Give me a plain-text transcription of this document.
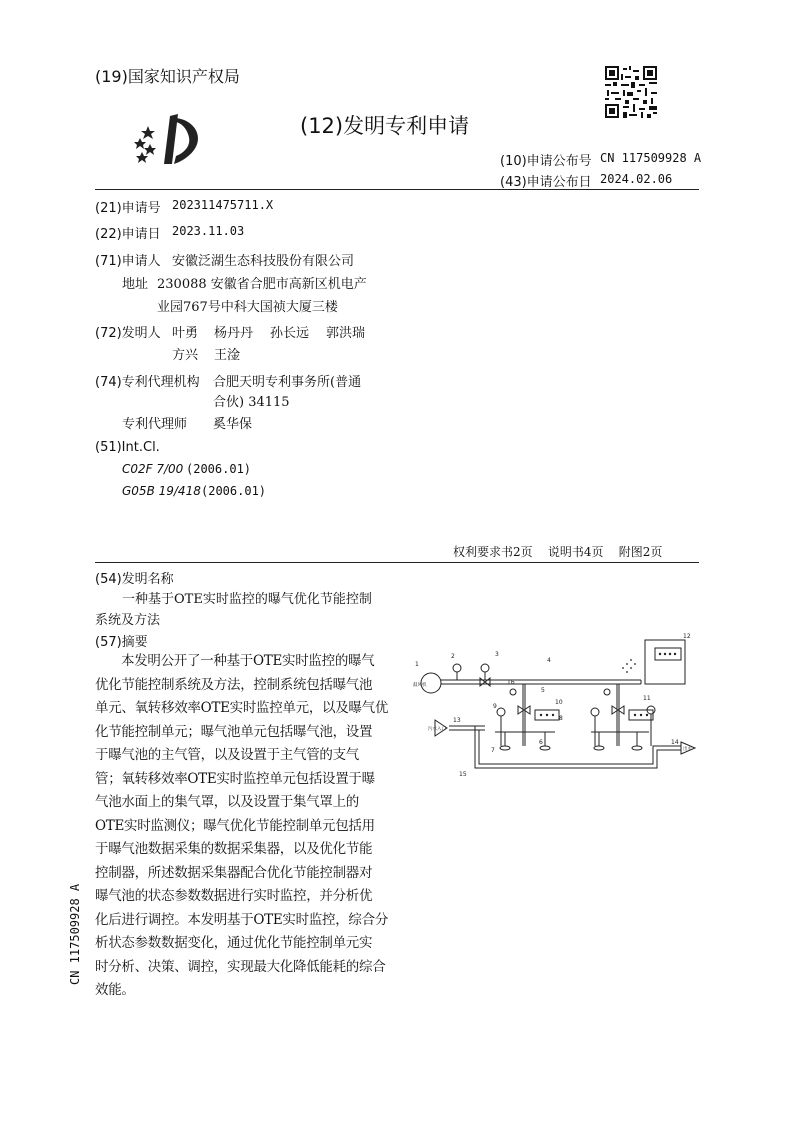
(19)国家知识产权局
(12)发明专利申请
(10)申请公布号 CN 117509928 A
(43)申请公布日 2024.02.06
(21)申请号 202311475711.X
(22)申请日 2023.11.03
(71)申请人 安徽泛湖生态科技股份有限公司
地址 230088 安徽省合肥市高新区机电产
业园767号中科大国祯大厦三楼
(72)发明人 叶勇 杨丹丹 孙长远 郭洪瑞
方兴 王淦
(74)专利代理机构 合肥天明专利事务所(普通
合伙) 34115
专利代理师 奚华保
(51)Int.Cl.
C02F 7/00 (2006.01)
G05B 19/418 (2006.01)
权利要求书2页    说明书4页    附图2页
(54)发明名称
一种基于OTE实时监控的曝气优化节能控制
系统及方法
(57)摘要
本发明公开了一种基于OTE实时监控的曝气
优化节能控制系统及方法，控制系统包括曝气池
单元、氧转移效率OTE实时监控单元，以及曝气优
化节能控制单元；曝气池单元包括曝气池，设置
于曝气池的主气管，以及设置于主气管的支气
管；氧转移效率OTE实时监控单元包括设置于曝
气池水面上的集气罩，以及设置于集气罩上的
OTE实时监测仪；曝气优化节能控制单元包括用
于曝气池数据采集的数据采集器，以及优化节能
控制器，所述数据采集器配合优化节能控制器对
曝气池的状态参数数据进行实时监控，并分析优
化后进行调控。本发明基于OTE实时监控，综合分
析状态参数数据变化，通过优化节能控制单元实
时分析、决策、调控，实现最大化降低能耗的综合
效能。
CN 117509928 A
1
2	3
4
5
6
7
8
9
10
11
12
13
14
15
16
鼓风机
污水入口
出水
